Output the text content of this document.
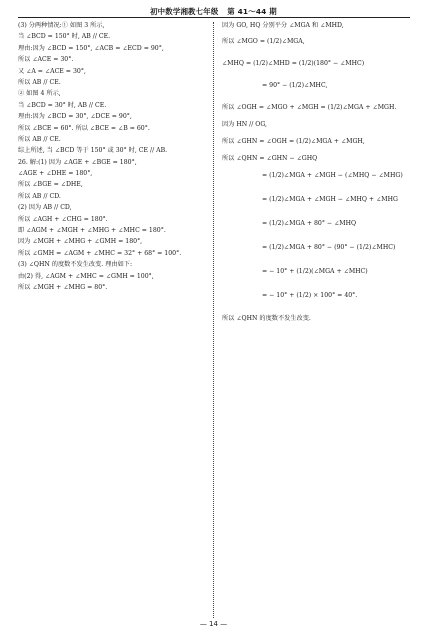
初中数学湘教七年级 第 41～44 期
(3) 分两种情况:① 如图 3 所示,
当 ∠BCD = 150° 时, AB // CE.
理由:因为 ∠BCD = 150°, ∠ACB = ∠ECD = 90°,
所以 ∠ACE = 30°.
又 ∠A = ∠ACE = 30°,
所以 AB // CE.
② 如图 4 所示,
当 ∠BCD = 30° 时, AB // CE.
理由:因为 ∠BCD = 30°, ∠DCE = 90°,
所以 ∠BCE = 60°. 所以 ∠BCE = ∠B = 60°.
所以 AB // CE.
综上所述, 当 ∠BCD 等于 150° 或 30° 时, CE // AB.
26. 解:(1) 因为 ∠AGE + ∠BGE = 180°,
∠AGE + ∠DHE = 180°,
所以 ∠BGE = ∠DHE,
所以 AB // CD.
(2) 因为 AB // CD,
所以 ∠AGH + ∠CHG = 180°.
即 ∠AGM + ∠MGH + ∠MHG + ∠MHC = 180°.
因为 ∠MGH + ∠MHG + ∠GMH = 180°,
所以 ∠GMH = ∠AGM + ∠MHC = 32° + 68° = 100°.
(3) ∠QHN 的度数不发生改变. 理由如下:
由(2) 得, ∠AGM + ∠MHC = ∠GMH = 100°,
所以 ∠MGH + ∠MHG = 80°.
因为 GO, HQ 分别平分 ∠MGA 和 ∠MHD,
所以 ∠MGO = (1/2)∠MGA,
∠MHQ = (1/2)∠MHD = (1/2)(180° − ∠MHC)
= 90° − (1/2)∠MHC,
所以 ∠OGH = ∠MGO + ∠MGH = (1/2)∠MGA + ∠MGH.
因为 HN // OG,
所以 ∠GHN = ∠OGH = (1/2)∠MGA + ∠MGH,
所以 ∠QHN = ∠GHN − ∠GHQ
= (1/2)∠MGA + ∠MGH − (∠MHQ − ∠MHG)
= (1/2)∠MGA + ∠MGH − ∠MHQ + ∠MHG
= (1/2)∠MGA + 80° − ∠MHQ
= (1/2)∠MGA + 80° − (90° − (1/2)∠MHC)
= − 10° + (1/2)(∠MGA + ∠MHC)
= − 10° + (1/2) × 100° = 40°.
所以 ∠QHN 的度数不发生改变.
— 14 —
